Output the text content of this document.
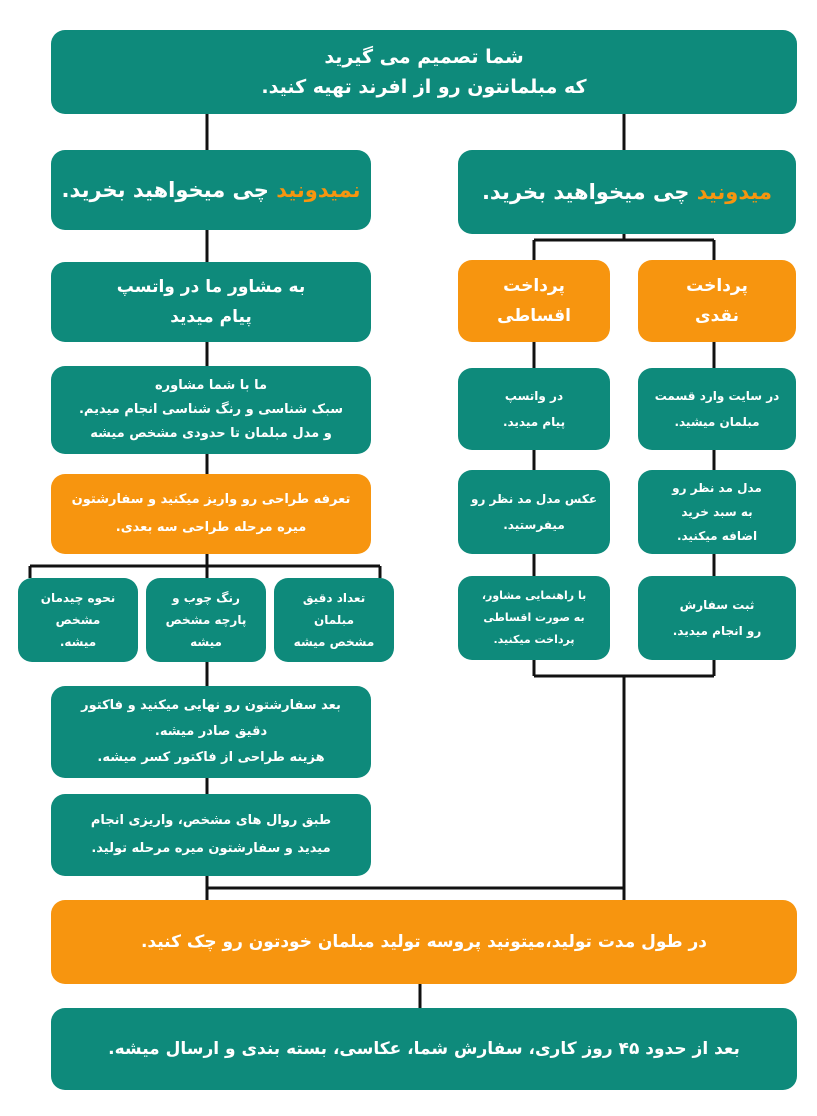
شما تصمیم می گیرید
که مبلمانتون رو از افرند تهیه کنید.
نمیدونید چی میخواهید بخرید.	میدونید چی میخواهید بخرید.
به مشاور ما در واتسپ
پیام میدید
ما با شما مشاوره
سبک شناسی و رنگ شناسی انجام میدیم.
و مدل مبلمان تا حدودی مشخص میشه
تعرفه طراحی رو واریز میکنید و سفارشتون
میره مرحله طراحی سه بعدی.
تعداد دقیق
مبلمان
مشخص میشه
رنگ چوب و
پارچه مشخص
میشه
نحوه چیدمان
مشخص
میشه.
بعد سفارشتون رو نهایی میکنید و فاکتور
دقیق صادر میشه.
هزینه طراحی از فاکتور کسر میشه.
طبق روال های مشخص، واریزی انجام
میدید و سفارشتون میره مرحله تولید.
پرداخت
نقدی
در سایت وارد قسمت
مبلمان میشید.
مدل مد نظر رو
به سبد خرید
اضافه میکنید.
ثبت سفارش
رو انجام میدید.
پرداخت
اقساطی
در واتسپ
پیام میدید.
عکس مدل مد نظر رو
میفرستید.
با راهنمایی مشاور،
به صورت اقساطی
پرداخت میکنید.
در طول مدت تولید،میتونید پروسه تولید مبلمان خودتون رو چک کنید.
بعد از حدود ۴۵ روز کاری، سفارش شما، عکاسی، بسته بندی و ارسال میشه.
